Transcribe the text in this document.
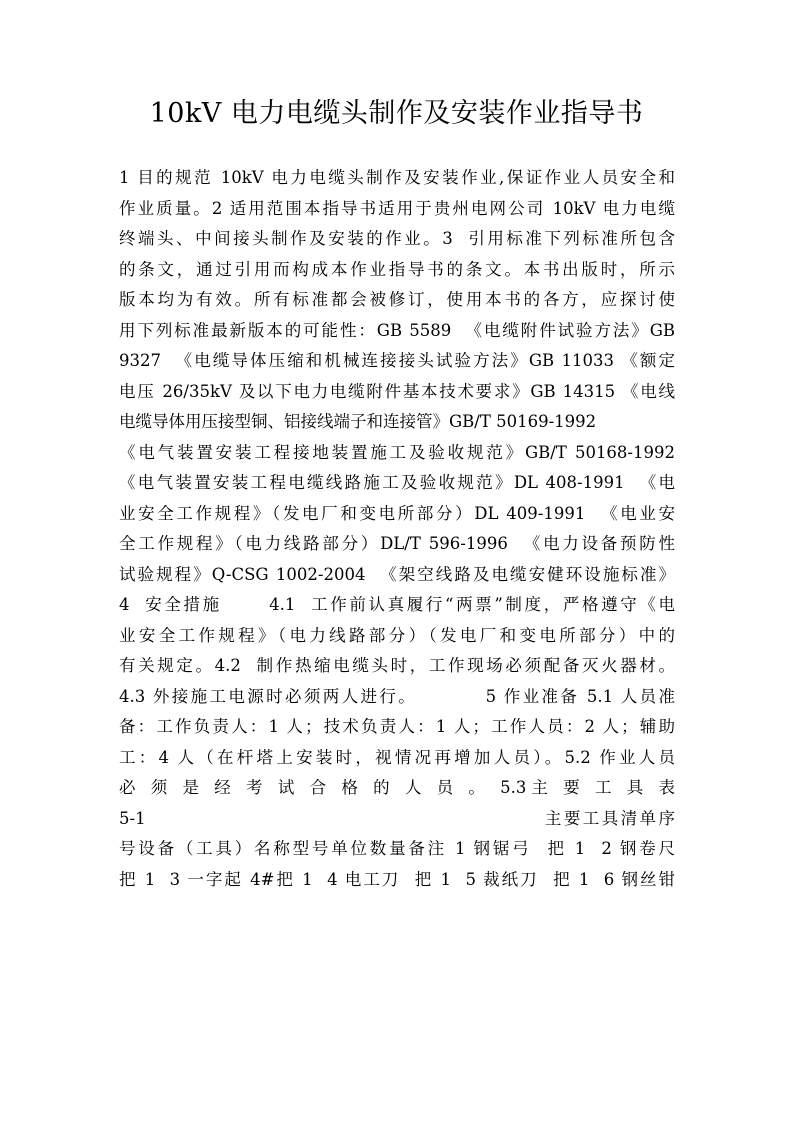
10kV 电力电缆头制作及安装作业指导书
1 目的规范 10kV 电力电缆头制作及安装作业,保证作业人员安全和
作业质量。2 适用范围本指导书适用于贵州电网公司 10kV 电力电缆
终端头、中间接头制作及安装的作业。3  引用标准下列标准所包含
的条文，通过引用而构成本作业指导书的条文。本书出版时，所示
版本均为有效。所有标准都会被修订，使用本书的各方，应探讨使
用下列标准最新版本的可能性：GB 5589  《电缆附件试验方法》GB
9327  《电缆导体压缩和机械连接接头试验方法》GB 11033 《额定
电压 26/35kV 及以下电力电缆附件基本技术要求》GB 14315 《电线
电缆导体用压接型铜、铝接线端子和连接管》GB/T 50169-1992
《电气装置安装工程接地装置施工及验收规范》GB/T 50168-1992
《电气装置安装工程电缆线路施工及验收规范》DL 408-1991  《电
业安全工作规程》（发电厂和变电所部分）DL 409-1991  《电业安
全工作规程》（电力线路部分）DL/T 596-1996  《电力设备预防性
试验规程》Q-CSG 1002-2004  《架空线路及电缆安健环设施标准》
4  安全措施      4.1  工作前认真履行“两票”制度，严格遵守《电
业安全工作规程》（电力线路部分）（发电厂和变电所部分）中的
有关规定。4.2  制作热缩电缆头时，工作现场必须配备灭火器材。
4.3 外接施工电源时必须两人进行。         5 作业准备 5.1 人员准
备：工作负责人：1 人；技术负责人：1 人；工作人员：2 人；辅助
工：4 人（在杆塔上安装时，视情况再增加人员）。5.2 作业人员
必 须 是 经 考 试 合 格 的 人 员 。 5.3主 要 工 具 表
5-1                                                    主要工具清单序
号设备（工具）名称型号单位数量备注 1 钢锯弓  把 1  2 钢卷尺
把 1  3 一字起 4#把 1  4 电工刀  把 1  5 裁纸刀  把 1  6 钢丝钳
